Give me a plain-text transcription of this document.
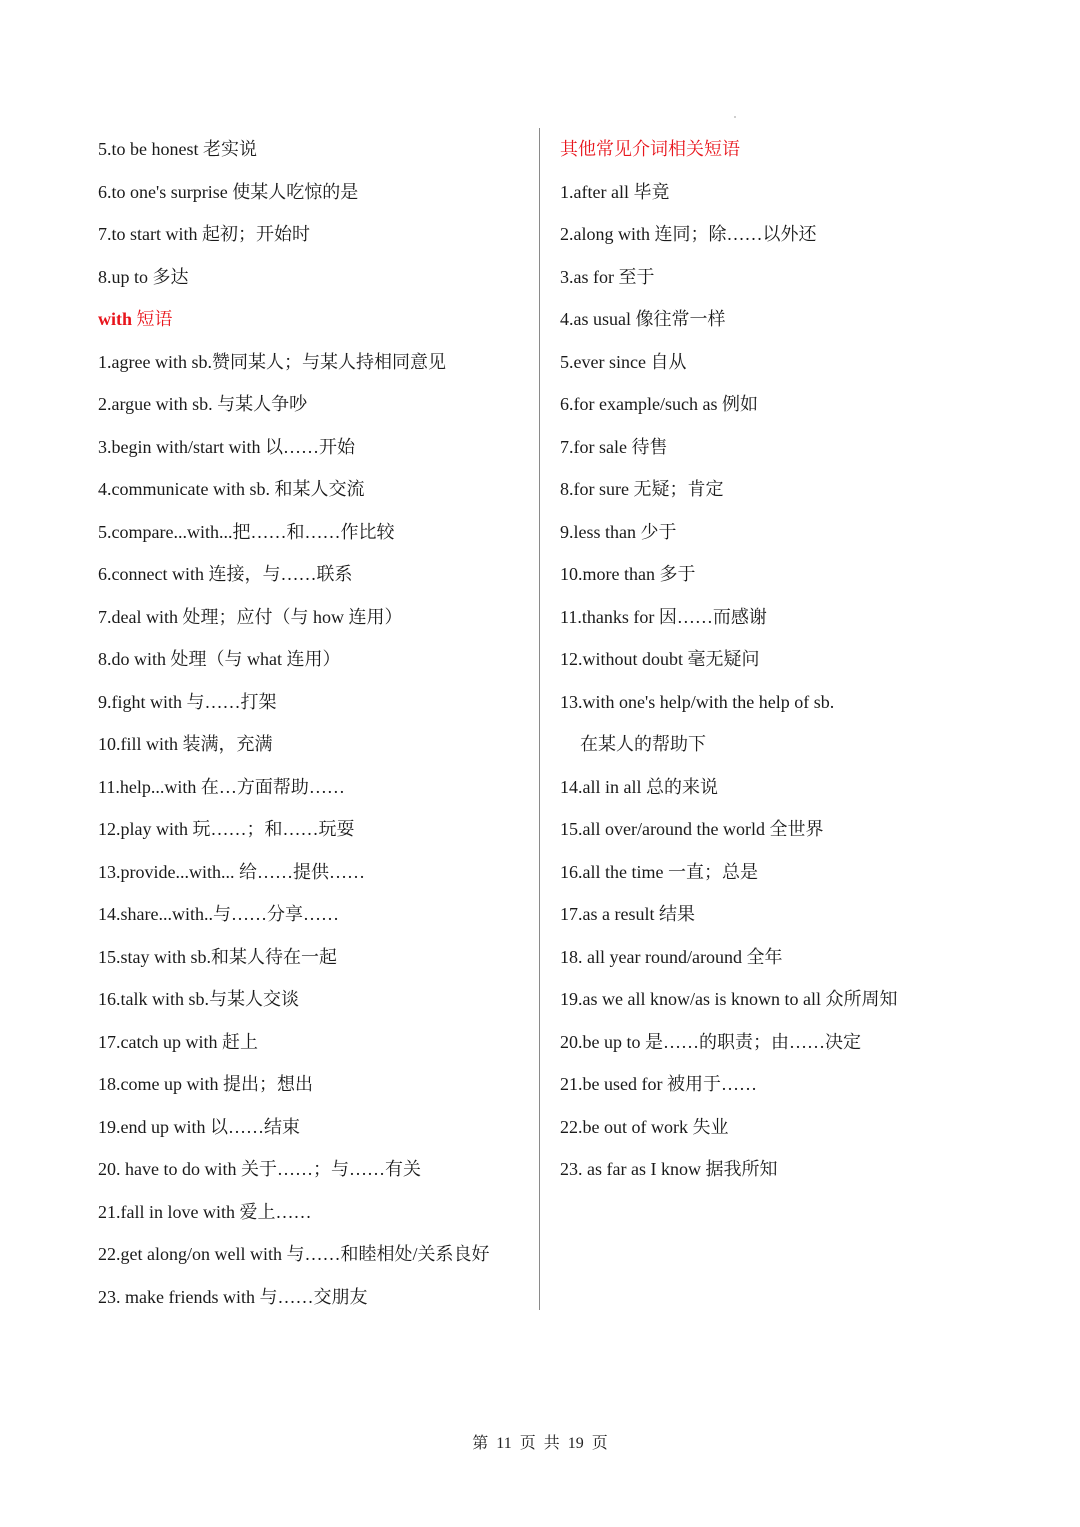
5.to be honest 老实说
6.to one's surprise 使某人吃惊的是
7.to start with 起初；开始时
8.up to 多达
with 短语
1.agree with sb.赞同某人；与某人持相同意见
2.argue with sb. 与某人争吵
3.begin with/start with 以……开始
4.communicate with sb. 和某人交流
5.compare...with...把……和……作比较
6.connect with 连接，与……联系
7.deal with 处理；应付（与 how 连用）
8.do with 处理（与 what 连用）
9.fight with 与……打架
10.fill with 装满，充满
11.help...with 在…方面帮助……
12.play with 玩……；和……玩耍
13.provide...with... 给……提供……
14.share...with..与……分享……
15.stay with sb.和某人待在一起
16.talk with sb.与某人交谈
17.catch up with 赶上
18.come up with 提出；想出
19.end up with 以……结束
20. have to do with 关于……；与……有关
21.fall in love with 爱上……
22.get along/on well with 与……和睦相处/关系良好
23. make friends with 与……交朋友
其他常见介词相关短语
1.after all 毕竟
2.along with 连同；除……以外还
3.as for 至于
4.as usual 像往常一样
5.ever since 自从
6.for example/such as 例如
7.for sale 待售
8.for sure 无疑；肯定
9.less than 少于
10.more than 多于
11.thanks for 因……而感谢
12.without doubt 毫无疑问
13.with one's help/with the help of sb.
在某人的帮助下
14.all in all 总的来说
15.all over/around the world 全世界
16.all the time 一直；总是
17.as a result 结果
18. all year round/around 全年
19.as we all know/as is known to all 众所周知
20.be up to 是……的职责；由……决定
21.be used for 被用于……
22.be out of work 失业
23. as far as I know 据我所知
第 11 页 共 19 页
